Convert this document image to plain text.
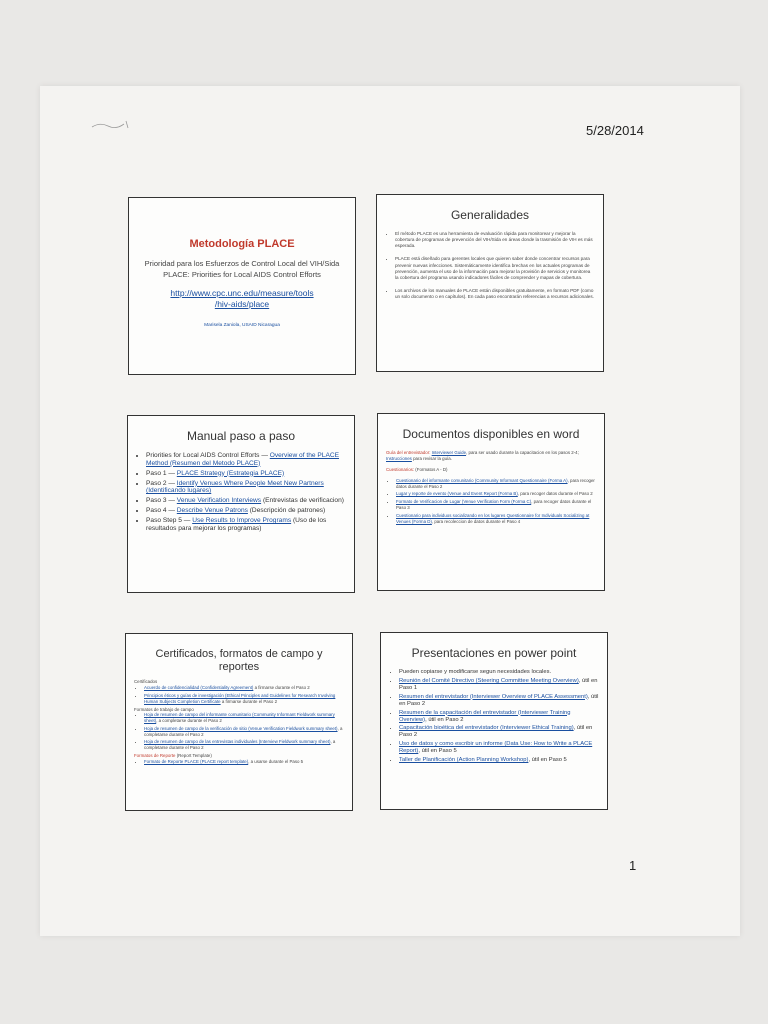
5/28/2014
1
Metodología PLACE
Prioridad para los Esfuerzos de Control Local del VIH/Sida
PLACE: Priorities for Local AIDS Control Efforts
http://www.cpc.unc.edu/measure/tools
/hiv-aids/place
Marisela Zaniola, USAID Nicaragua
Generalidades
• El método PLACE es una herramienta de evaluación rápida para monitorear y mejorar la cobertura de programas de prevención del VIH/Sida en áreas donde la trasmisión de VIH es más esperada.
• PLACE está diseñado para gerentes locales que quieren saber donde concentrar recursos para prevenir nuevas infecciones. Sistemáticamente identifica brechas en los actuales programas de prevención, aumenta el uso de la información para mejorar la provisión de servicios y monitorea la cobertura del programa usando indicadores fáciles de comprender y mapas de cobertura.
• Los archivos de los manuales de PLACE están disponibles gratuitamente, en formato PDF (como un solo documento o en capítulos). En cada paso encontrarán referencias a recursos adicionales.
Manual paso a paso
• Priorities for Local AIDS Control Efforts — Overview of the PLACE Method (Resumen del Metodo PLACE)
• Paso 1 — PLACE Strategy (Estrategia PLACE)
• Paso 2 — Identify Venues Where People Meet New Partners (Identificando lugares)
• Paso 3 — Venue Verification Interviews (Entrevistas de verificacion)
• Paso 4 — Describe Venue Patrons (Descripción de patrones)
• Paso Step 5 — Use Results to Improve Programs (Uso de los resultados para mejorar los programas)
Documentos disponibles en word

Guía del entrevistador: Interviewer Guide, para ser usado durante la capacitacion en los pasos 2-4; Instrucciones para revisar la guía.

Cuestionarios: (Formatos A - D)

• Cuestionario del informante comunitario (Community Informant Questionnaire (Forma A), para recoger datos durante el Paso 2
• Lugar y reporte de evento (Venue and Event Report (Forma B), para recoger datos durante el Paso 2
• Formato de Verificacion de Lugar (Venue Verification Form (Forma C), para recoger datos durante el Paso 3
• Cuestionario para individuos socializando en los lugares Questionnaire for Individuals Socializing at Venues (Forma D), para recoleccion de datos durante el Paso 4
Certificados, formatos de campo y reportes

Certificados

• Acuerdo de confidencialidad (Confidentiality Agreement) a firmarse durante el Paso 2
• Principios éticos y guías de investigación (Ethical Principles and Guidelines for Research Involving Human Subjects Completion Certificate a firmarse durante el Paso 2

Formatos de trabajo de campo

• Hoja de resumen de campo del informante comunitario (Community Informant Fieldwork summary sheet), a completarse durante el Paso 2
• Hoja de resumen de campo de la verificación de sitio (Venue Verification Fieldwork summary sheet), a completarse durante el Paso 2
• Hoja de resumen de campo de las entrevistas individuales (Interview Fieldwork summary sheet), a completarse durante el Paso 2

Formatos de Reporte (Report Template)

• Formato de Reporte PLACE (PLACE report template), a usarse durante el Paso 5
Presentaciones en power point
• Pueden copiarse y modificarse segun necesidades locales.
• Reunión del Comité Directivo (Steering Committee Meeting Overview), útil en Paso 1
• Resumen del entrevistador (Interviewer Overview of PLACE Assessment), útil en Paso 2
• Resumen de la capacitación del entrevistador (Interviewer Training Overview), útil en Paso 2
• Capacitación bioética del entrevistador (Interviewer Ethical Training), útil en Paso 2
• Uso de datos y como escribir un informe (Data Use: How to Write a PLACE Report), útil en Paso 5
• Taller de Planificación (Action Planning Workshop), útil en Paso 5
